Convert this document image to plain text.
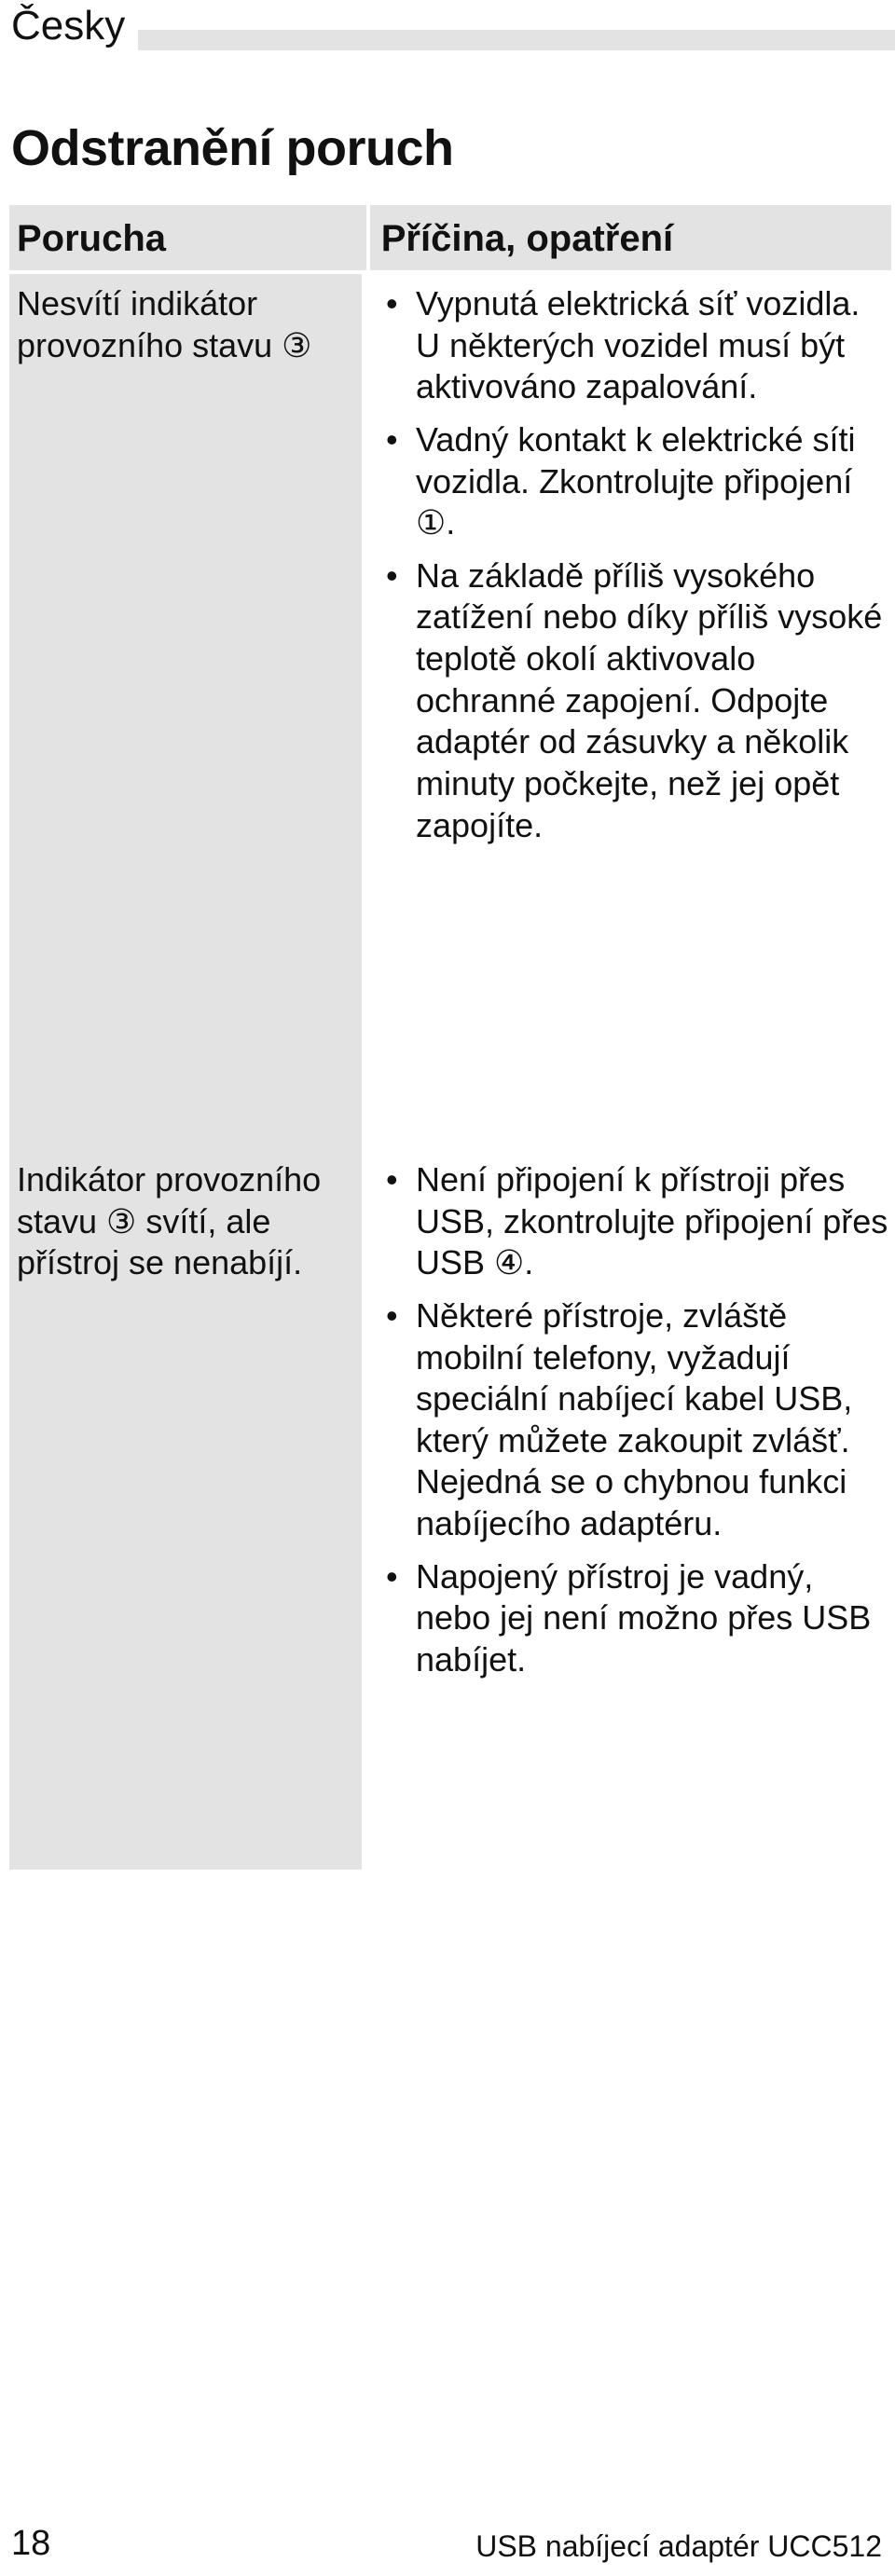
Česky
Odstranění poruch
Porucha	Příčina, opatření
Nesvítí indikátor provozního stavu ③
• Vypnutá elektrická síť vozidla. U některých vozidel musí být aktivováno zapalování.
• Vadný kontakt k elektrické síti vozidla. Zkontrolujte připojení ①.
• Na základě příliš vysokého zatížení nebo díky příliš vysoké teplotě okolí aktivovalo ochranné zapojení. Odpojte adaptér od zásuvky a několik minuty počkejte, než jej opět zapojíte.
Indikátor provozního stavu ③ svítí, ale přístroj se nenabíjí.
• Není připojení k přístroji přes USB, zkontrolujte připojení přes USB ④.
• Některé přístroje, zvláště mobilní telefony, vyžadují speciální nabíjecí kabel USB, který můžete zakoupit zvlášť. Nejedná se o chybnou funkci nabíjecího adaptéru.
• Napojený přístroj je vadný, nebo jej není možno přes USB nabíjet.
18	USB nabíjecí adaptér UCC512
